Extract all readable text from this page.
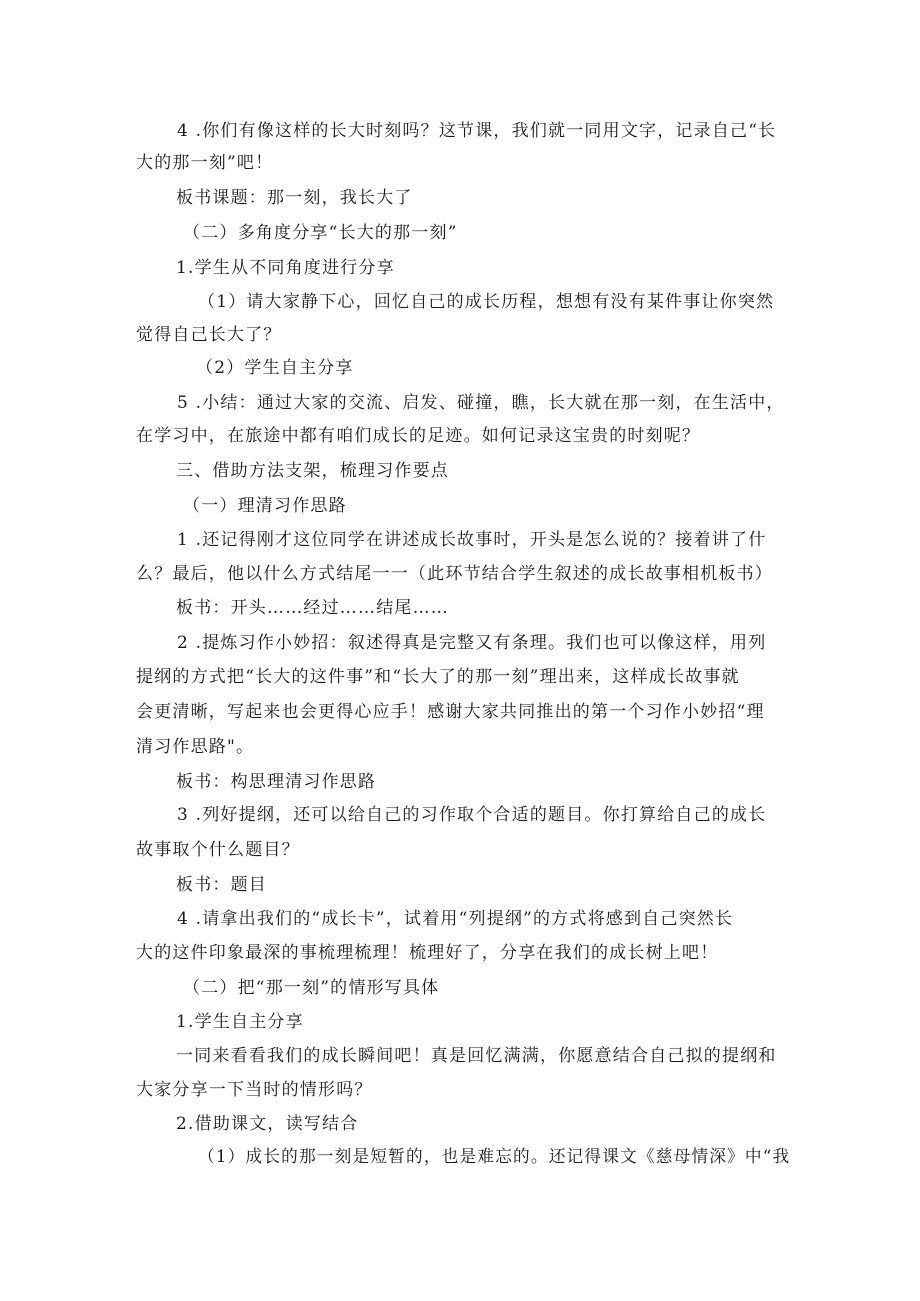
4 .你们有像这样的长大时刻吗？这节课，我们就一同用文字，记录自己“长

大的那一刻”吧！

板书课题：那一刻，我长大了

（二）多角度分享“长大的那一刻”

1.学生从不同角度进行分享

（1）请大家静下心，回忆自己的成长历程，想想有没有某件事让你突然

觉得自己长大了？

（2）学生自主分享

5 .小结：通过大家的交流、启发、碰撞，瞧，长大就在那一刻，在生活中，

在学习中，在旅途中都有咱们成长的足迹。如何记录这宝贵的时刻呢？

三、借助方法支架，梳理习作要点

（一）理清习作思路

1 .还记得刚才这位同学在讲述成长故事时，开头是怎么说的？接着讲了什

么？最后，他以什么方式结尾一一（此环节结合学生叙述的成长故事相机板书）

板书：开头……经过……结尾……

2 .提炼习作小妙招：叙述得真是完整又有条理。我们也可以像这样，用列

提纲的方式把“长大的这件事”和“长大了的那一刻”理出来，这样成长故事就

会更清晰，写起来也会更得心应手！感谢大家共同推出的第一个习作小妙招“理

清习作思路"。

板书：构思理清习作思路

3 .列好提纲，还可以给自己的习作取个合适的题目。你打算给自己的成长

故事取个什么题目？

板书：题目

4 .请拿出我们的“成长卡”，试着用“列提纲”的方式将感到自己突然长

大的这件印象最深的事梳理梳理！梳理好了，分享在我们的成长树上吧！

（二）把“那一刻”的情形写具体

1.学生自主分享

一同来看看我们的成长瞬间吧！真是回忆满满，你愿意结合自己拟的提纲和

大家分享一下当时的情形吗？

2.借助课文，读写结合

（1）成长的那一刻是短暂的，也是难忘的。还记得课文《慈母情深》中“我
